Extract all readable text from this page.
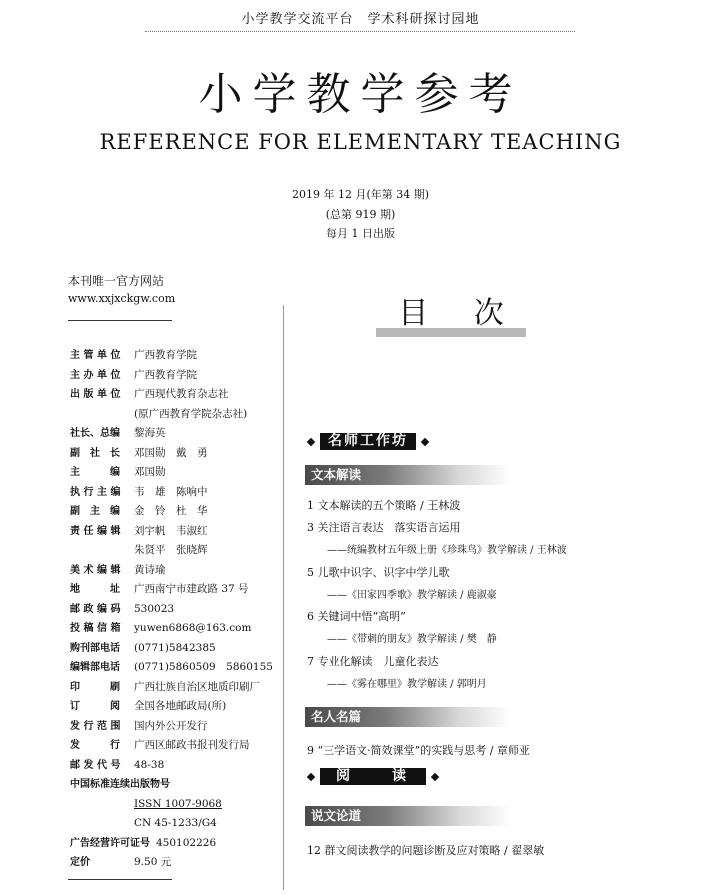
小学教学交流平台　学术科研探讨园地
小学教学参考
REFERENCE FOR ELEMENTARY TEACHING
2019 年 12 月(年第 34 期)
(总第 919 期)
每月 1 日出版
本刊唯一官方网站
www.xxjxckgw.com
主 管 单 位	广西教育学院
主 办 单 位	广西教育学院
出 版 单 位	广西现代教育杂志社
(原广西教育学院杂志社)
社长、总编	黎海英
副　社　长	邓国勋　戴　勇
主　　　编	邓国勋
执 行 主 编	韦　雄　陈响中
副　主　编	金　铃　杜　华
责 任 编 辑	刘宇帆　韦淑红
朱贤平　张晓辉
美 术 编 辑	黄诗瑜
地　　　址	广西南宁市建政路 37 号
邮 政 编 码	530023
投 稿 信 箱	yuwen6868@163.com
购刊部电话	(0771)5842385
编辑部电话	(0771)5860509　5860155
印　　　刷	广西壮族自治区地质印刷厂
订　　　阅	全国各地邮政局(所)
发 行 范 围	国内外公开发行
发　　　行	广西区邮政书报刊发行局
邮 发 代 号	48-38
中国标准连续出版物号
ISSN 1007-9068
CN 45-1233/G4
广告经营许可证号 450102226
定价	9.50 元
目 次
名师工作坊
文本解读
1 文本解读的五个策略 / 王林波
3 关注语言表达　落实语言运用
——统编教材五年级上册《珍珠鸟》教学解读 / 王林波
5 儿歌中识字、识字中学儿歌
——《田家四季歌》教学解读 / 鹿淑豪
6 关键词中悟“高明”
——《带刺的朋友》教学解读 / 樊　静
7 专业化解读　儿童化表达
——《雾在哪里》教学解读 / 郭明月
名人名篇
9 “三学语文·简效课堂”的实践与思考 / 章师亚
阅　读
说文论道
12 群文阅读教学的问题诊断及应对策略 / 翟翠敏
